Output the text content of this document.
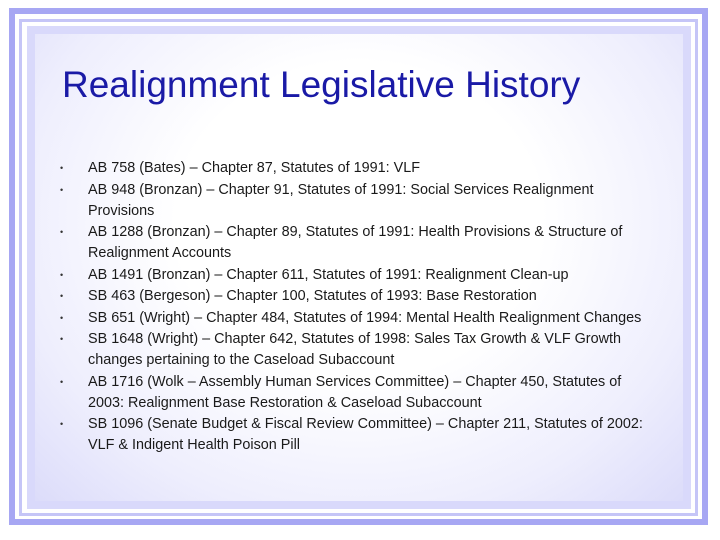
Realignment Legislative History
• AB 758 (Bates) – Chapter 87, Statutes of 1991: VLF
• AB 948 (Bronzan) – Chapter 91, Statutes of 1991: Social Services Realignment Provisions
• AB 1288 (Bronzan) – Chapter 89, Statutes of 1991: Health Provisions & Structure of Realignment Accounts
• AB 1491 (Bronzan) – Chapter 611, Statutes of 1991: Realignment Clean-up
• SB 463 (Bergeson) – Chapter 100, Statutes of 1993: Base Restoration
• SB 651 (Wright) – Chapter 484, Statutes of 1994: Mental Health Realignment Changes
• SB 1648 (Wright) – Chapter 642, Statutes of 1998: Sales Tax Growth & VLF Growth changes pertaining to the Caseload Subaccount
• AB 1716 (Wolk – Assembly Human Services Committee) – Chapter 450, Statutes of 2003: Realignment Base Restoration & Caseload Subaccount
• SB 1096 (Senate Budget & Fiscal Review Committee) – Chapter 211, Statutes of 2002: VLF & Indigent Health Poison Pill
